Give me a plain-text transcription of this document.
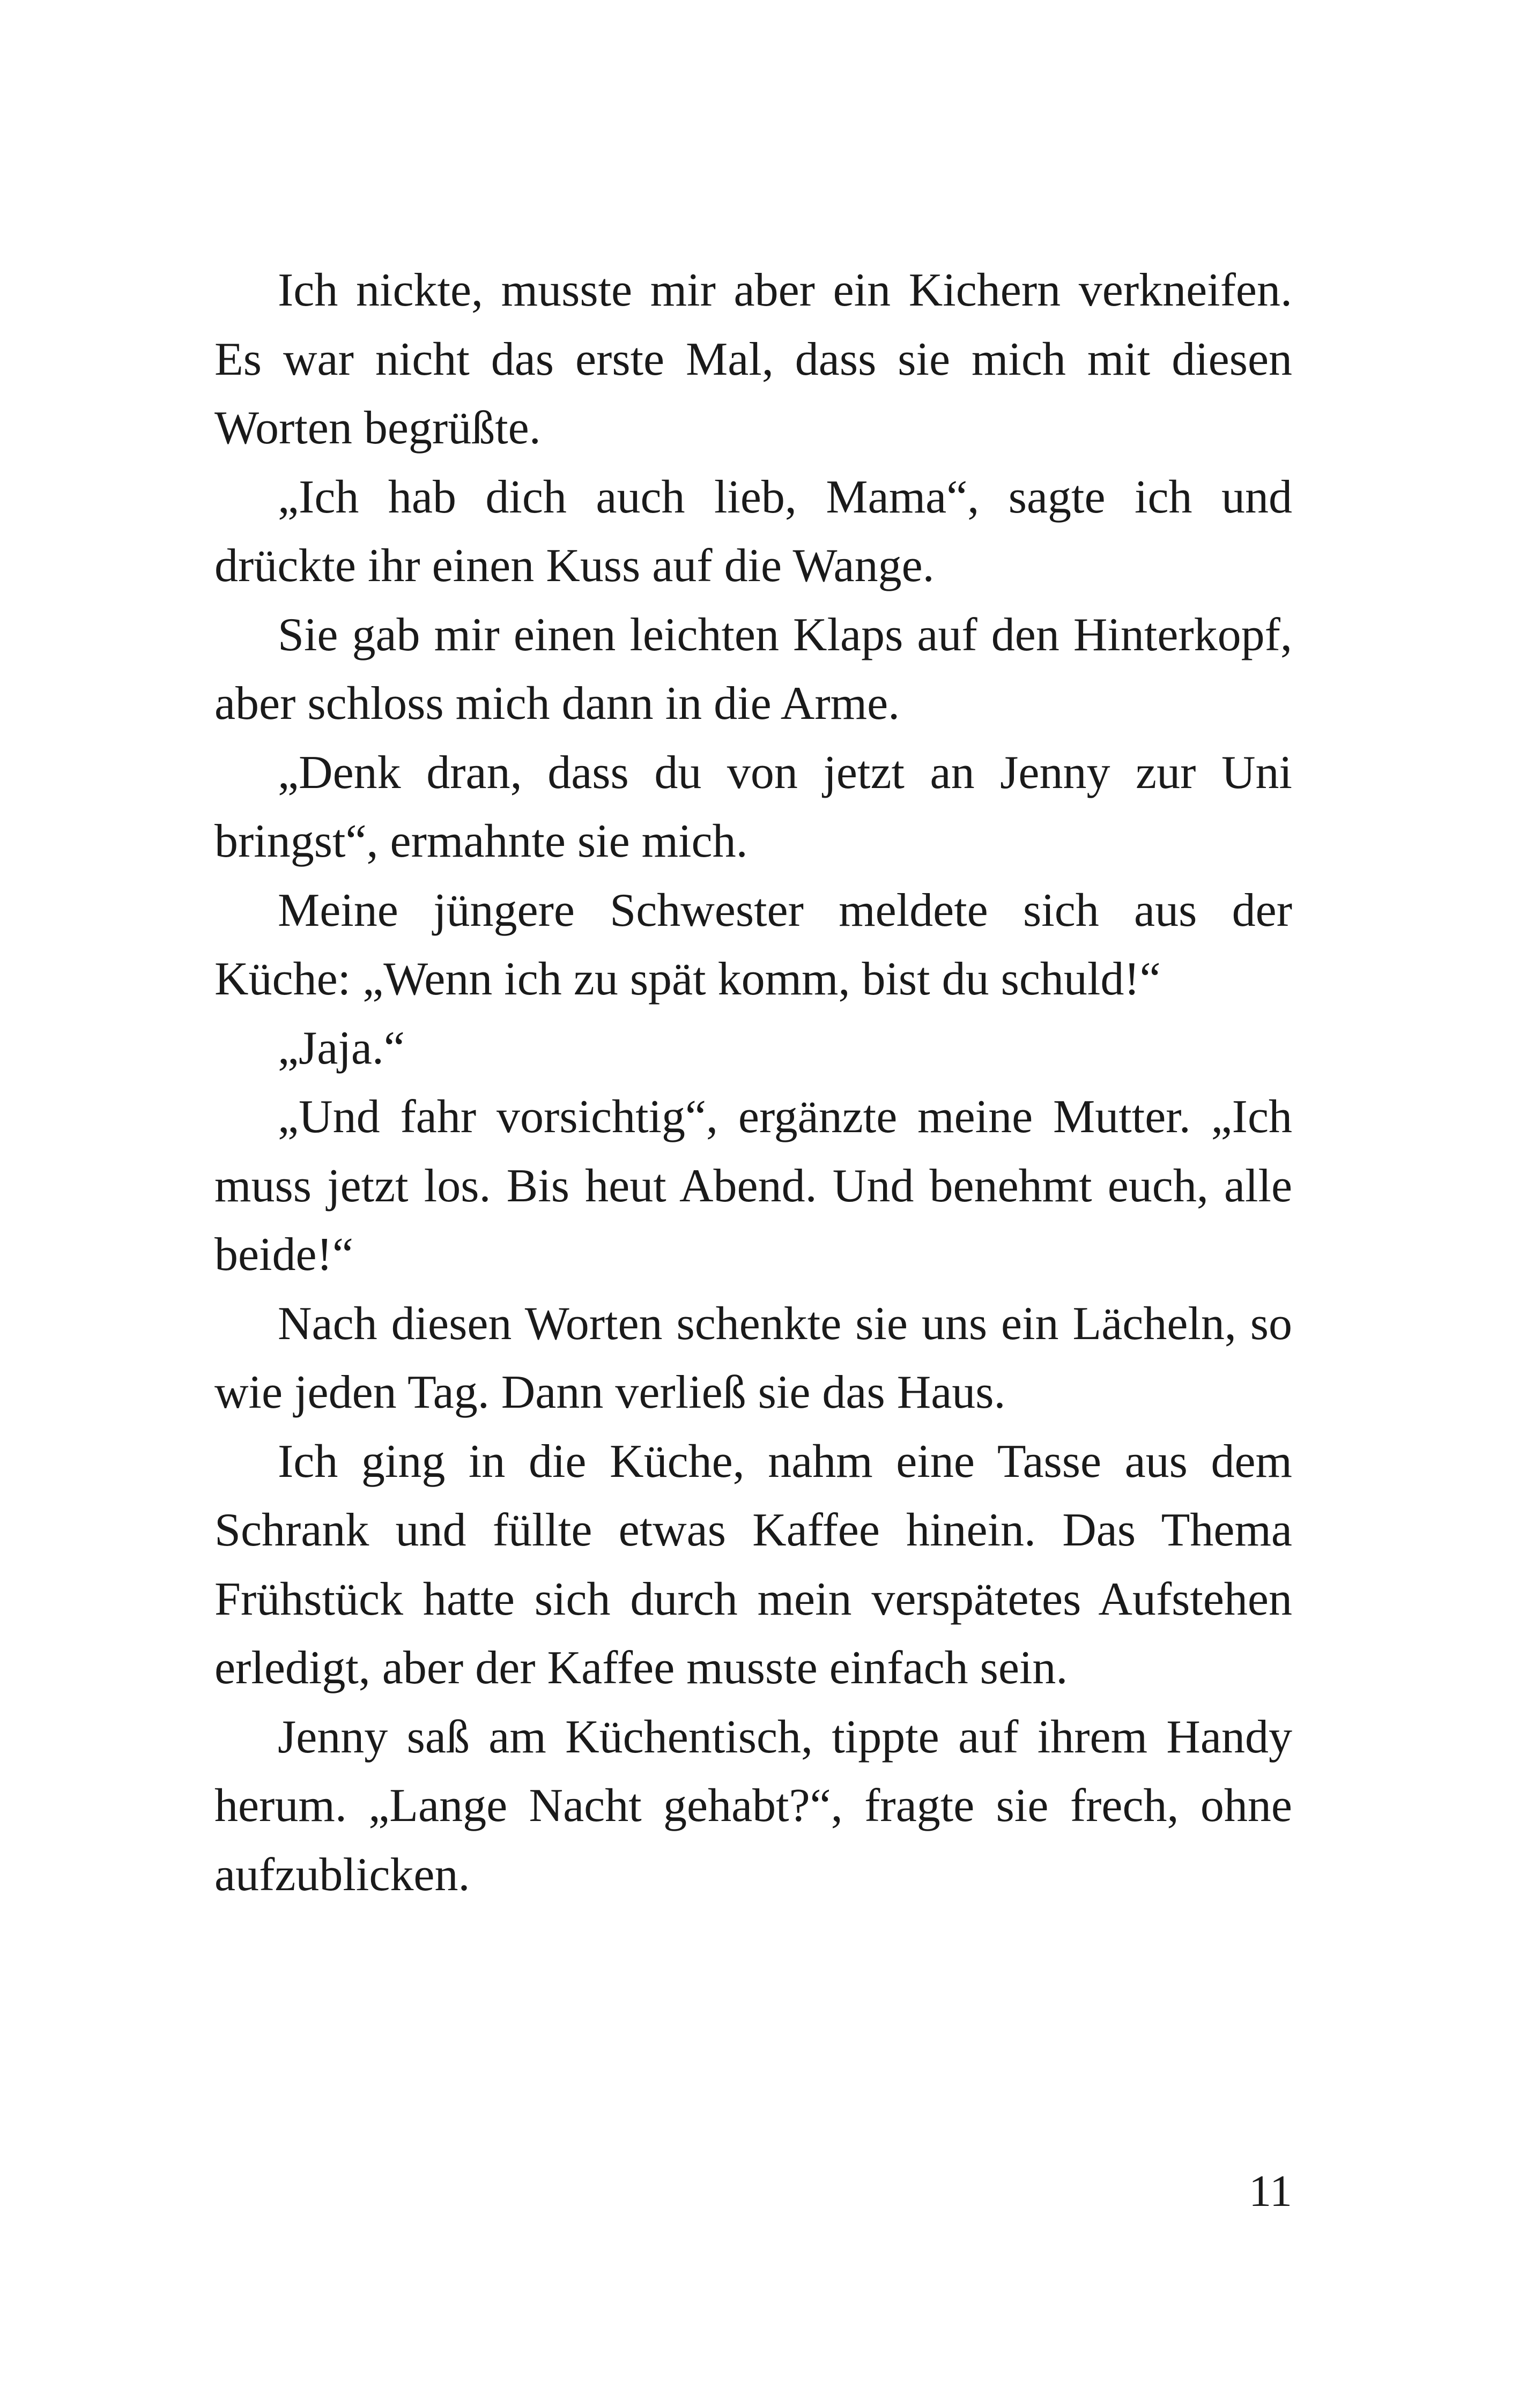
Ich nickte, musste mir aber ein Kichern verkneifen. Es war nicht das erste Mal, dass sie mich mit diesen Worten begrüßte.

„Ich hab dich auch lieb, Mama“, sagte ich und drückte ihr einen Kuss auf die Wange.

Sie gab mir einen leichten Klaps auf den Hinterkopf, aber schloss mich dann in die Arme.

„Denk dran, dass du von jetzt an Jenny zur Uni bringst“, ermahnte sie mich.

Meine jüngere Schwester meldete sich aus der Küche: „Wenn ich zu spät komm, bist du schuld!“

„Jaja.“

„Und fahr vorsichtig“, ergänzte meine Mutter. „Ich muss jetzt los. Bis heut Abend. Und benehmt euch, alle beide!“

Nach diesen Worten schenkte sie uns ein Lächeln, so wie jeden Tag. Dann verließ sie das Haus.

Ich ging in die Küche, nahm eine Tasse aus dem Schrank und füllte etwas Kaffee hinein. Das Thema Frühstück hatte sich durch mein verspätetes Aufstehen erledigt, aber der Kaffee musste einfach sein.

Jenny saß am Küchentisch, tippte auf ihrem Handy herum. „Lange Nacht gehabt?“, fragte sie frech, ohne aufzublicken.

11
